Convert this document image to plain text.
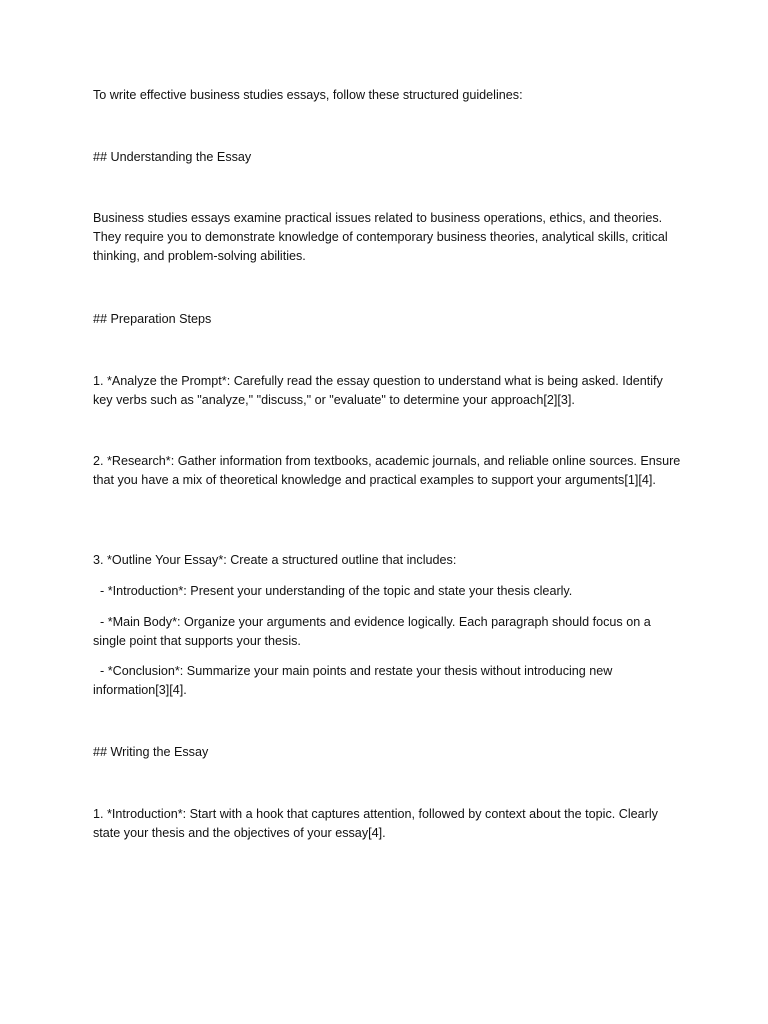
To write effective business studies essays, follow these structured guidelines:

## Understanding the Essay

Business studies essays examine practical issues related to business operations, ethics, and theories. They require you to demonstrate knowledge of contemporary business theories, analytical skills, critical thinking, and problem-solving abilities.

## Preparation Steps

1. *Analyze the Prompt*: Carefully read the essay question to understand what is being asked. Identify key verbs such as "analyze," "discuss," or "evaluate" to determine your approach[2][3].

2. *Research*: Gather information from textbooks, academic journals, and reliable online sources. Ensure that you have a mix of theoretical knowledge and practical examples to support your arguments[1][4].

3. *Outline Your Essay*: Create a structured outline that includes:

- *Introduction*: Present your understanding of the topic and state your thesis clearly.

- *Main Body*: Organize your arguments and evidence logically. Each paragraph should focus on a single point that supports your thesis.

- *Conclusion*: Summarize your main points and restate your thesis without introducing new information[3][4].

## Writing the Essay

1. *Introduction*: Start with a hook that captures attention, followed by context about the topic. Clearly state your thesis and the objectives of your essay[4].
